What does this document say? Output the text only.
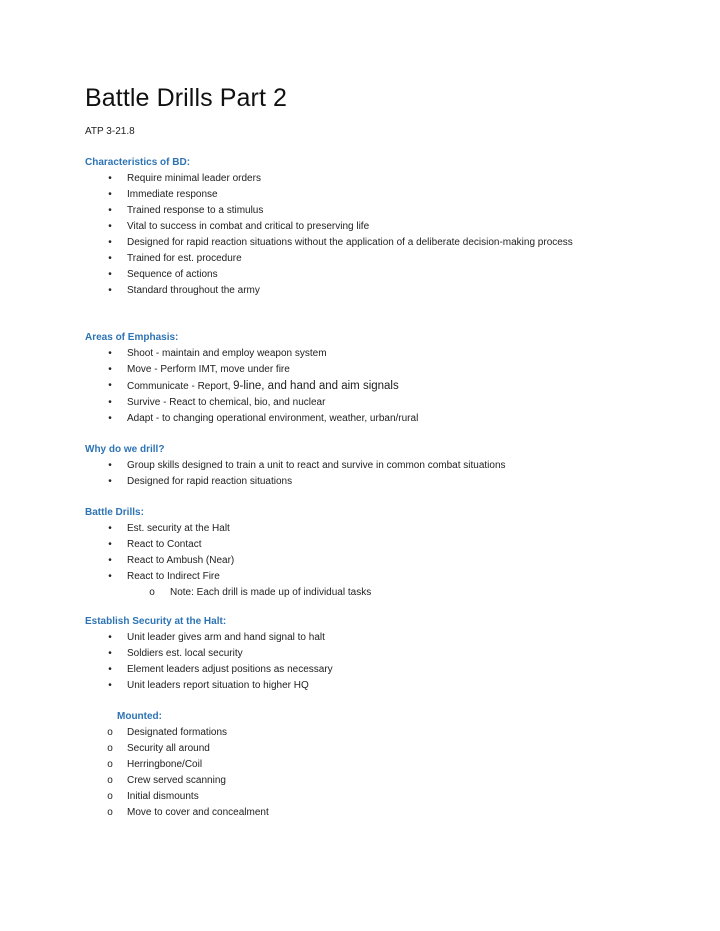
Battle Drills Part 2

ATP 3-21.8

Characteristics of BD:

•	Require minimal leader orders
•	Immediate response
•	Trained response to a stimulus
•	Vital to success in combat and critical to preserving life
•	Designed for rapid reaction situations without the application of a deliberate decision-making process
•	Trained for est. procedure
•	Sequence of actions
•	Standard throughout the army

Areas of Emphasis:

•	Shoot - maintain and employ weapon system
•	Move - Perform IMT, move under fire
•	Communicate - Report, 9-line, and hand and aim signals
•	Survive - React to chemical, bio, and nuclear
•	Adapt - to changing operational environment, weather, urban/rural

Why do we drill?

•	Group skills designed to train a unit to react and survive in common combat situations
•	Designed for rapid reaction situations

Battle Drills:

•	Est. security at the Halt
•	React to Contact
•	React to Ambush (Near)
•	React to Indirect Fire
o Note: Each drill is made up of individual tasks

Establish Security at the Halt:

•	Unit leader gives arm and hand signal to halt
•	Soldiers est. local security
•	Element leaders adjust positions as necessary
•	Unit leaders report situation to higher HQ

Mounted:

o Designated formations
o Security all around
o Herringbone/Coil
o Crew served scanning
o Initial dismounts
o Move to cover and concealment
